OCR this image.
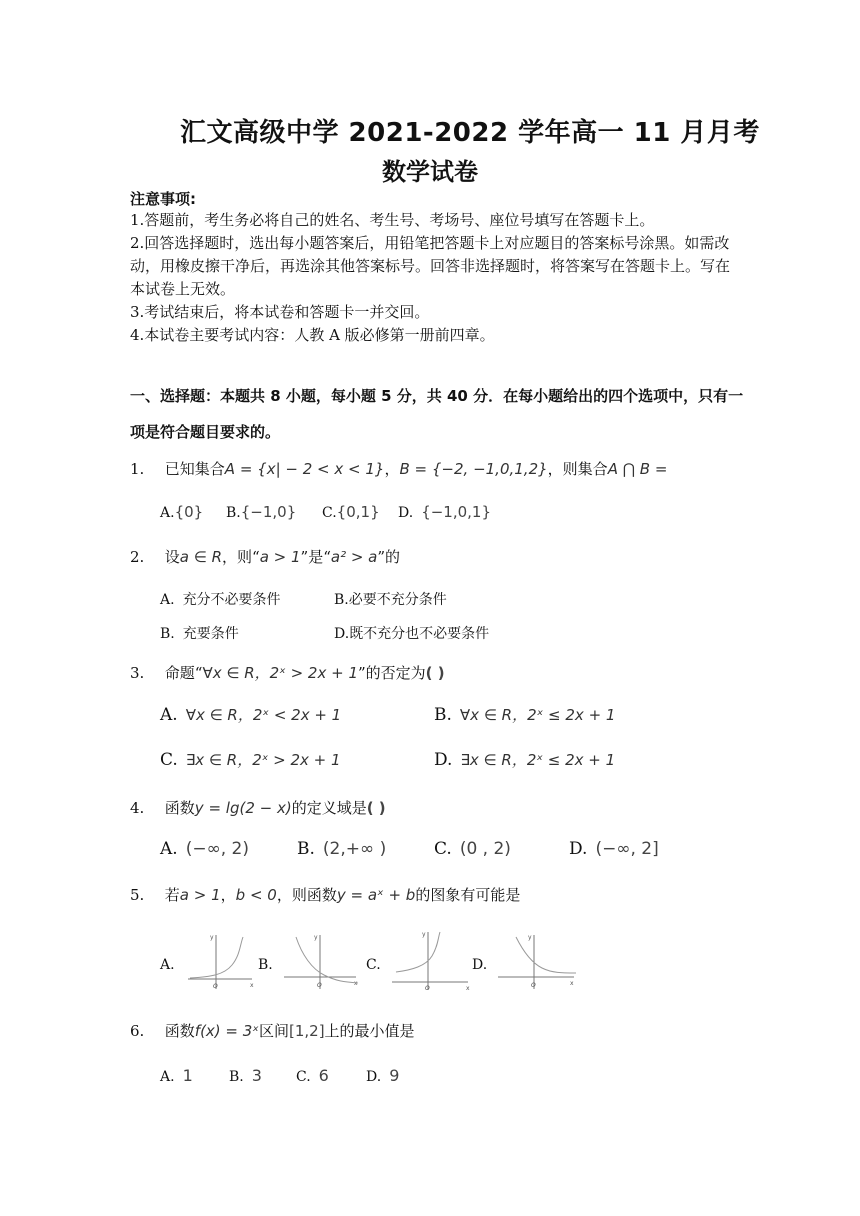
汇文高级中学 2021-2022 学年高一 11 月月考
数学试卷
注意事项:
1.答题前，考生务必将自己的姓名、考生号、考场号、座位号填写在答题卡上。
2.回答选择题时，选出每小题答案后，用铅笔把答题卡上对应题目的答案标号涂黑。如需改
动，用橡皮擦干净后，再选涂其他答案标号。回答非选择题时，将答案写在答题卡上。写在
本试卷上无效。
3.考试结束后，将本试卷和答题卡一并交回。
4.本试卷主要考试内容：人教 A 版必修第一册前四章。
一、选择题：本题共 8 小题，每小题 5 分，共 40 分．在每小题给出的四个选项中，只有一
项是符合题目要求的。
1. 已知集合A = {x| − 2 < x < 1}，B = {−2, −1,0,1,2}，则集合A ⋂ B =
A.{0} B.{−1,0} C.{0,1} D. {−1,0,1}
2. 设a ∈ R，则“a > 1”是“a² > a”的
A. 充分不必要条件	B.必要不充分条件
B. 充要条件	D.既不充分也不必要条件
3. 命题“∀x ∈ R，2ˣ > 2x + 1”的否定为( )
A. ∀x ∈ R，2ˣ < 2x + 1	B. ∀x ∈ R，2ˣ ≤ 2x + 1
C. ∃x ∈ R，2ˣ > 2x + 1	D. ∃x ∈ R，2ˣ ≤ 2x + 1
4. 函数y = lg(2 − x)的定义域是( )
A. (−∞, 2)	B. (2,+∞ )	C. (0 , 2)	D. (−∞, 2]
5. 若a > 1，b < 0，则函数y = aˣ + b的图象有可能是
A.
y
O	x
B.
y
O	x
C.
y
O	x
D.
y
O	x
6. 函数f(x) = 3ˣ区间[1,2]上的最小值是
A. 1	B. 3 C. 6	D. 9
